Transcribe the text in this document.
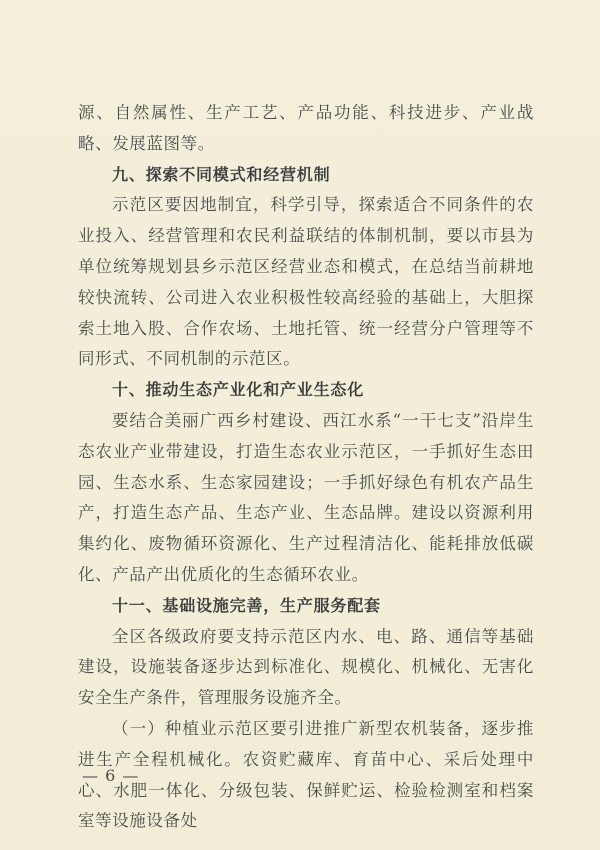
源、自然属性、生产工艺、产品功能、科技进步、产业战略、发展蓝图等。

九、探索不同模式和经营机制

示范区要因地制宜，科学引导，探索适合不同条件的农业投入、经营管理和农民利益联结的体制机制，要以市县为单位统筹规划县乡示范区经营业态和模式，在总结当前耕地较快流转、公司进入农业积极性较高经验的基础上，大胆探索土地入股、合作农场、土地托管、统一经营分户管理等不同形式、不同机制的示范区。

十、推动生态产业化和产业生态化

要结合美丽广西乡村建设、西江水系“一干七支”沿岸生态农业产业带建设，打造生态农业示范区，一手抓好生态田园、生态水系、生态家园建设；一手抓好绿色有机农产品生产，打造生态产品、生态产业、生态品牌。建设以资源利用集约化、废物循环资源化、生产过程清洁化、能耗排放低碳化、产品产出优质化的生态循环农业。

十一、基础设施完善，生产服务配套

全区各级政府要支持示范区内水、电、路、通信等基础建设，设施装备逐步达到标准化、规模化、机械化、无害化安全生产条件，管理服务设施齐全。

（一）种植业示范区要引进推广新型农机装备，逐步推进生产全程机械化。农资贮藏库、育苗中心、采后处理中心、水肥一体化、分级包装、保鲜贮运、检验检测室和档案室等设施设备处

— 6 —
